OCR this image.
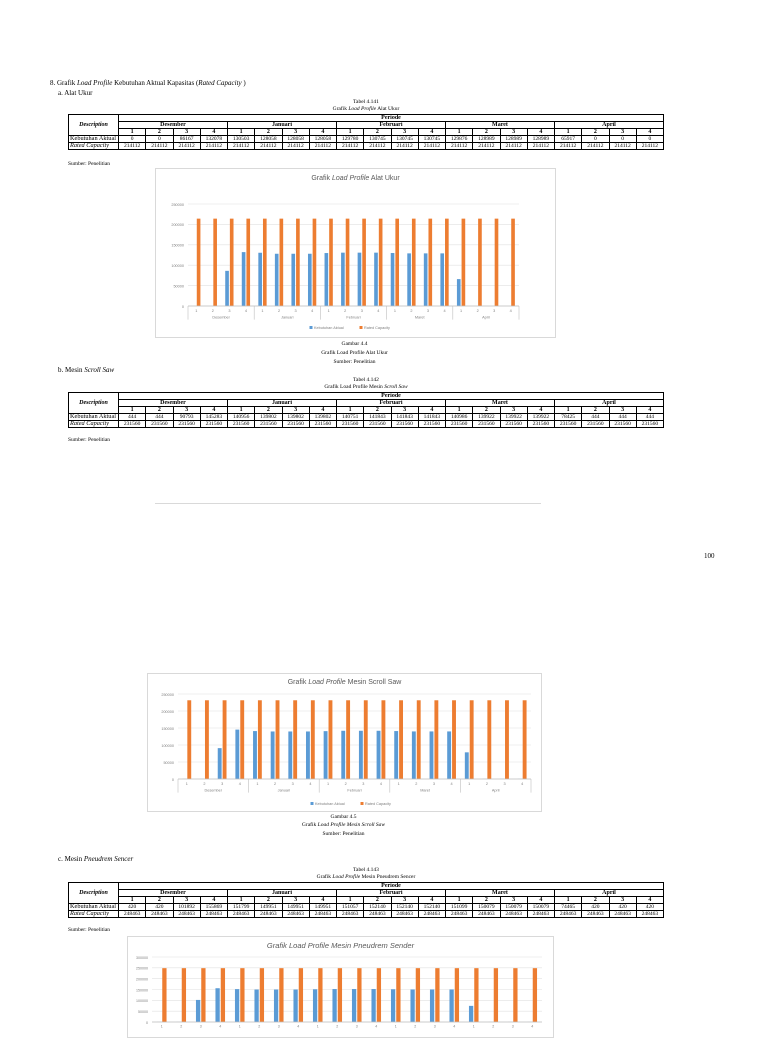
8. Grafik Load Profile Kebutuhan Aktual Kapasitas (Rated Capacity )
a. Alat Ukur
Tabel 4.141
Grafik Load Profile Alat Ukur
Description	Periode																			
	Desember				Januari				Februari				Maret				April			
	1	2	3	4	1	2	3	4	1	2	3	4	1	2	3	4	1	2	3	4
Kebutuhan Aktual	0	0	86167	132078	130503	128058	128058	128058	129780	130745	130745	130745	129876	128989	128989	128989	65917	0	0	0
Rated Capacity	214112	214112	214112	214112	214112	214112	214112	214112	214112	214112	214112	214112	214112	214112	214112	214112	214112	214112	214112	214112
Sumber: Penelitian
Grafik Load Profile Alat Ukur
0
50000
100000
150000
200000
250000
1	2	3	4	1	2	3	4	1	2	3	4	1	2	3	4	1	2	3	4
Desember	Januari	Februari	Maret	April
Kebutuhan Aktual	Rated Capacity
Gambar 4.4
Grafik Load Profile Alat Ukur
Sumber: Penelitian
b. Mesin Scroll Saw
Tabel 4.142
Grafik Load Profile Mesin Scroll Saw
Description	Periode																			
	Desember				Januari				Februari				Maret				April			
	1	2	3	4	1	2	3	4	1	2	3	4	1	2	3	4	1	2	3	4
Kebutuhan Aktual	444	444	90793	145283	140956	139802	139802	139802	140751	141843	141843	141843	140986	139922	139922	139922	78425	444	444	444
Rated Capacity	231560	231560	231560	231560	231560	231560	231560	231560	231560	231560	231560	231560	231560	231560	231560	231560	231560	231560	231560	231560
Sumber: Penelitian
100
Grafik Load Profile Mesin Scroll Saw
0
50000
100000
150000
200000
250000
1	2	3	4	1	2	3	4	1	2	3	4	1	2	3	4	1	2	3	4
Desember	Januari	Februari	Maret	April
Kebutuhan Aktual	Rated Capacity
Gambar 4.5
Grafik Load Profile Mesin Scroll Saw
Sumber: Penelitian
c. Mesin Pneudrem Sencer
Tabel 4.143
Grafik Load Profile Mesin Pneudrem Sencer
Description	Periode																			
	Desember				Januari				Februari				Maret				April			
	1	2	3	4	1	2	3	4	1	2	3	4	1	2	3	4	1	2	3	4
Kebutuhan Aktual	420	420	101892	155869	151799	149951	149951	149951	151057	152140	152140	152140	151099	150079	150079	150079	74465	420	420	420
Rated Capacity	248463	248463	248463	248463	248463	248463	248463	248463	248463	248463	248463	248463	248463	248463	248463	248463	248463	248463	248463	248463
Sumber: Penelitian
Grafik Load Profile Mesin Pneudrem Sender
0
50000
100000
150000
200000
250000
300000
1	2	3	4	1	2	3	4	1	2	3	4	1	2	3	4	1	2	3	4
